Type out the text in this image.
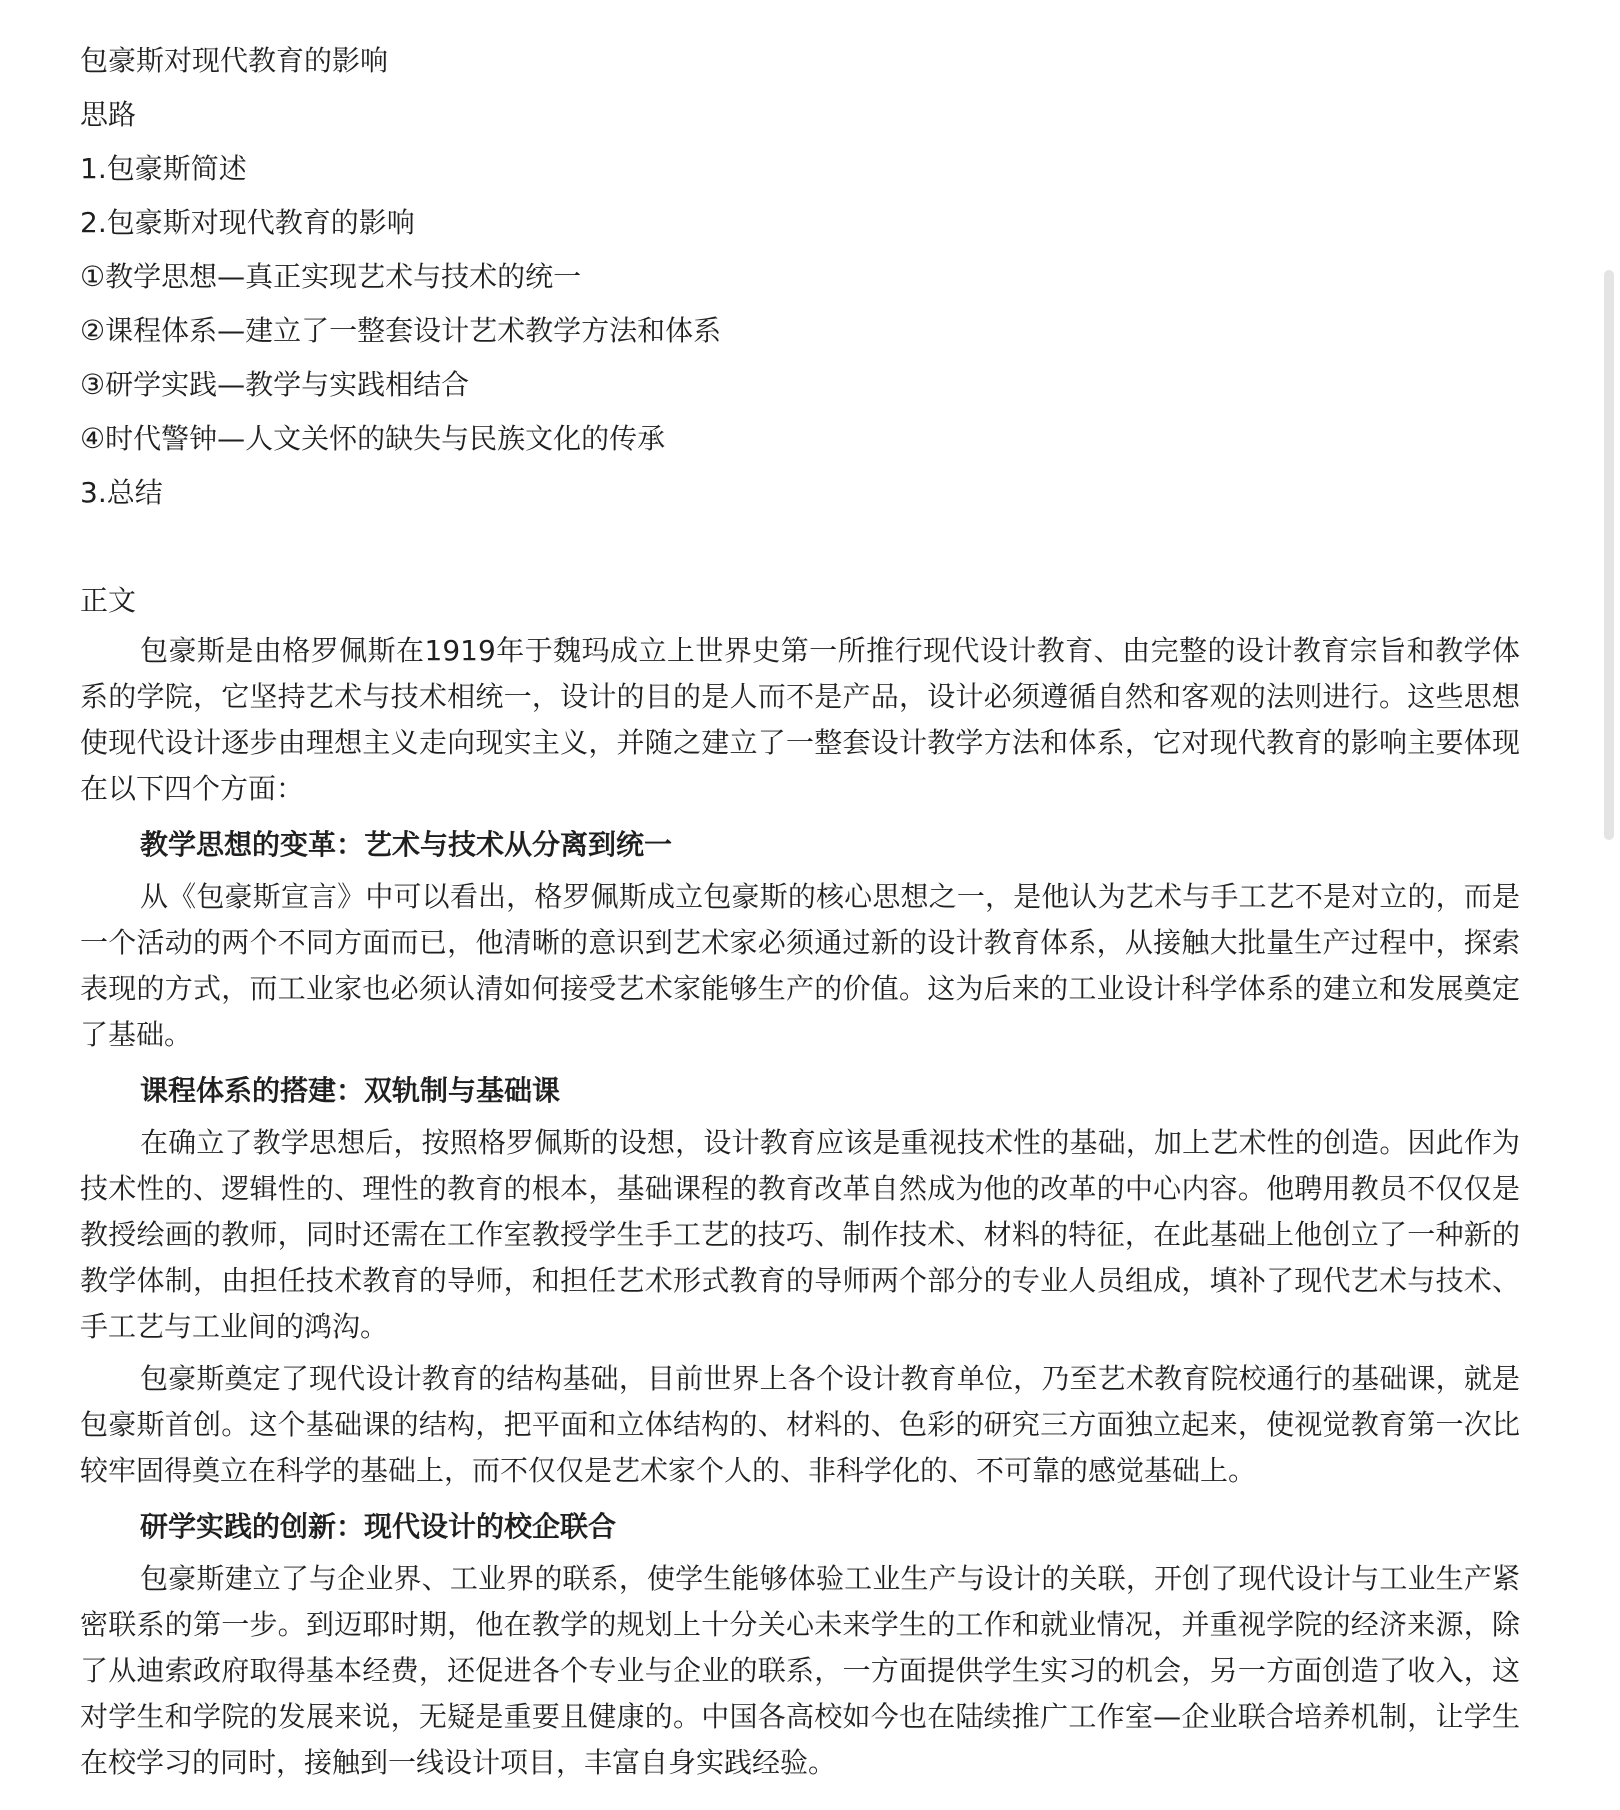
包豪斯对现代教育的影响
思路
1.包豪斯简述
2.包豪斯对现代教育的影响
①教学思想—真正实现艺术与技术的统一
②课程体系—建立了一整套设计艺术教学方法和体系
③研学实践—教学与实践相结合
④时代警钟—人文关怀的缺失与民族文化的传承
3.总结
正文

包豪斯是由格罗佩斯在1919年于魏玛成立上世界史第一所推行现代设计教育、由完整的设计教育宗旨和教学体系的学院，它坚持艺术与技术相统一，设计的目的是人而不是产品，设计必须遵循自然和客观的法则进行。这些思想使现代设计逐步由理想主义走向现实主义，并随之建立了一整套设计教学方法和体系，它对现代教育的影响主要体现在以下四个方面：

教学思想的变革：艺术与技术从分离到统一

从《包豪斯宣言》中可以看出，格罗佩斯成立包豪斯的核心思想之一，是他认为艺术与手工艺不是对立的，而是一个活动的两个不同方面而已，他清晰的意识到艺术家必须通过新的设计教育体系，从接触大批量生产过程中，探索表现的方式，而工业家也必须认清如何接受艺术家能够生产的价值。这为后来的工业设计科学体系的建立和发展奠定了基础。

课程体系的搭建：双轨制与基础课

在确立了教学思想后，按照格罗佩斯的设想，设计教育应该是重视技术性的基础，加上艺术性的创造。因此作为技术性的、逻辑性的、理性的教育的根本，基础课程的教育改革自然成为他的改革的中心内容。他聘用教员不仅仅是教授绘画的教师，同时还需在工作室教授学生手工艺的技巧、制作技术、材料的特征，在此基础上他创立了一种新的教学体制，由担任技术教育的导师，和担任艺术形式教育的导师两个部分的专业人员组成，填补了现代艺术与技术、手工艺与工业间的鸿沟。

包豪斯奠定了现代设计教育的结构基础，目前世界上各个设计教育单位，乃至艺术教育院校通行的基础课，就是包豪斯首创。这个基础课的结构，把平面和立体结构的、材料的、色彩的研究三方面独立起来，使视觉教育第一次比较牢固得奠立在科学的基础上，而不仅仅是艺术家个人的、非科学化的、不可靠的感觉基础上。

研学实践的创新：现代设计的校企联合

包豪斯建立了与企业界、工业界的联系，使学生能够体验工业生产与设计的关联，开创了现代设计与工业生产紧密联系的第一步。到迈耶时期，他在教学的规划上十分关心未来学生的工作和就业情况，并重视学院的经济来源，除了从迪索政府取得基本经费，还促进各个专业与企业的联系，一方面提供学生实习的机会，另一方面创造了收入，这对学生和学院的发展来说，无疑是重要且健康的。中国各高校如今也在陆续推广工作室—企业联合培养机制，让学生在校学习的同时，接触到一线设计项目，丰富自身实践经验。
